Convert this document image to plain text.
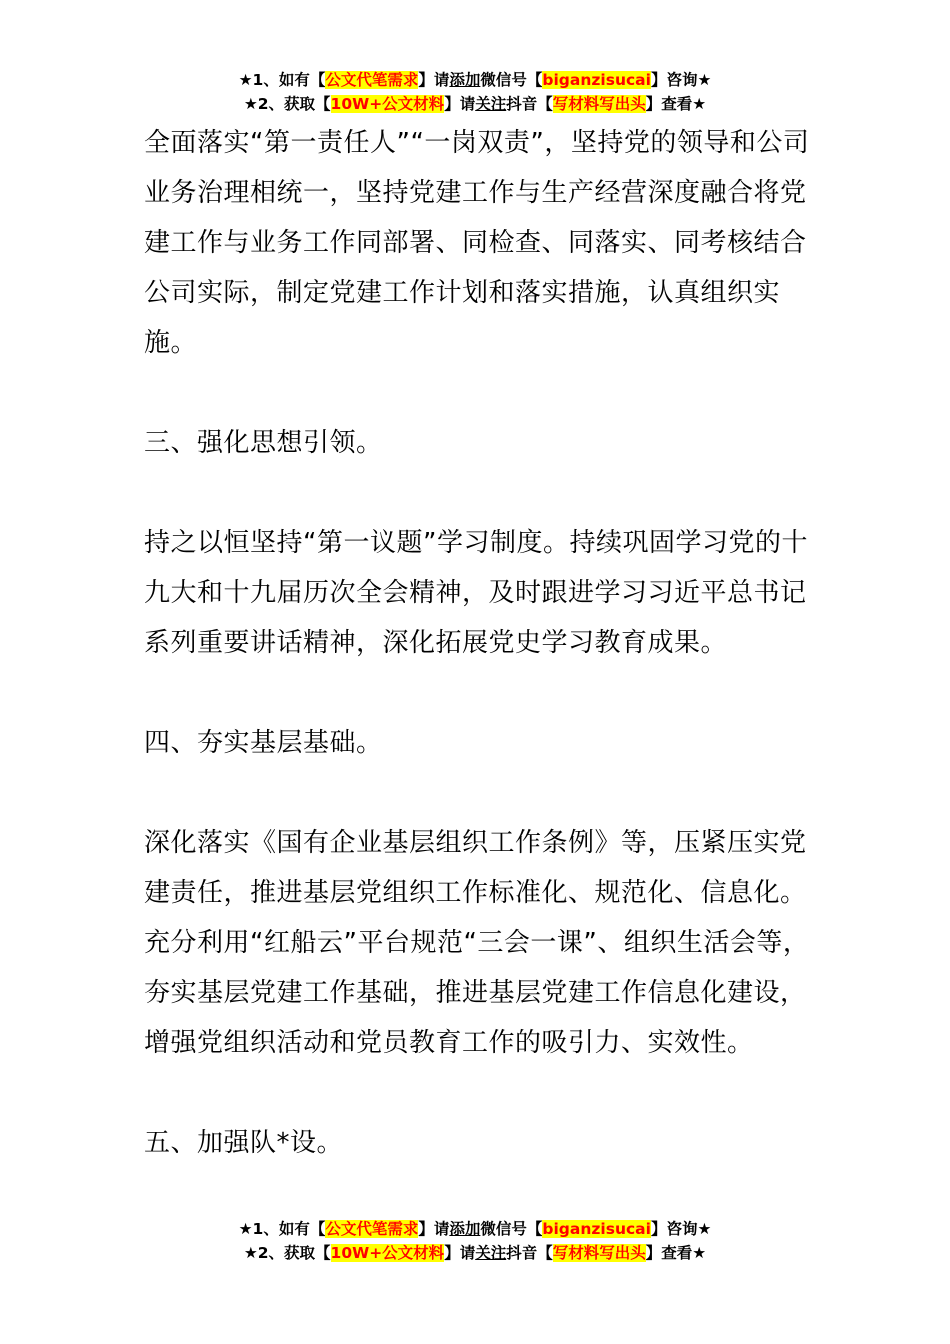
★1、如有【公文代笔需求】请添加微信号【biganzisucai】咨询★
★2、获取【10W+公文材料】请关注抖音【写材料写出头】查看★

全面落实“第一责任人”“一岗双责”，坚持党的领导和公司业务治理相统一，坚持党建工作与生产经营深度融合将党建工作与业务工作同部署、同检查、同落实、同考核结合公司实际，制定党建工作计划和落实措施，认真组织实施。

三、强化思想引领。

持之以恒坚持“第一议题”学习制度。持续巩固学习党的十九大和十九届历次全会精神，及时跟进学习习近平总书记系列重要讲话精神，深化拓展党史学习教育成果。

四、夯实基层基础。

深化落实《国有企业基层组织工作条例》等，压紧压实党建责任，推进基层党组织工作标准化、规范化、信息化。充分利用“红船云”平台规范“三会一课”、组织生活会等，夯实基层党建工作基础，推进基层党建工作信息化建设，增强党组织活动和党员教育工作的吸引力、实效性。

五、加强队*设。

★1、如有【公文代笔需求】请添加微信号【biganzisucai】咨询★
★2、获取【10W+公文材料】请关注抖音【写材料写出头】查看★
